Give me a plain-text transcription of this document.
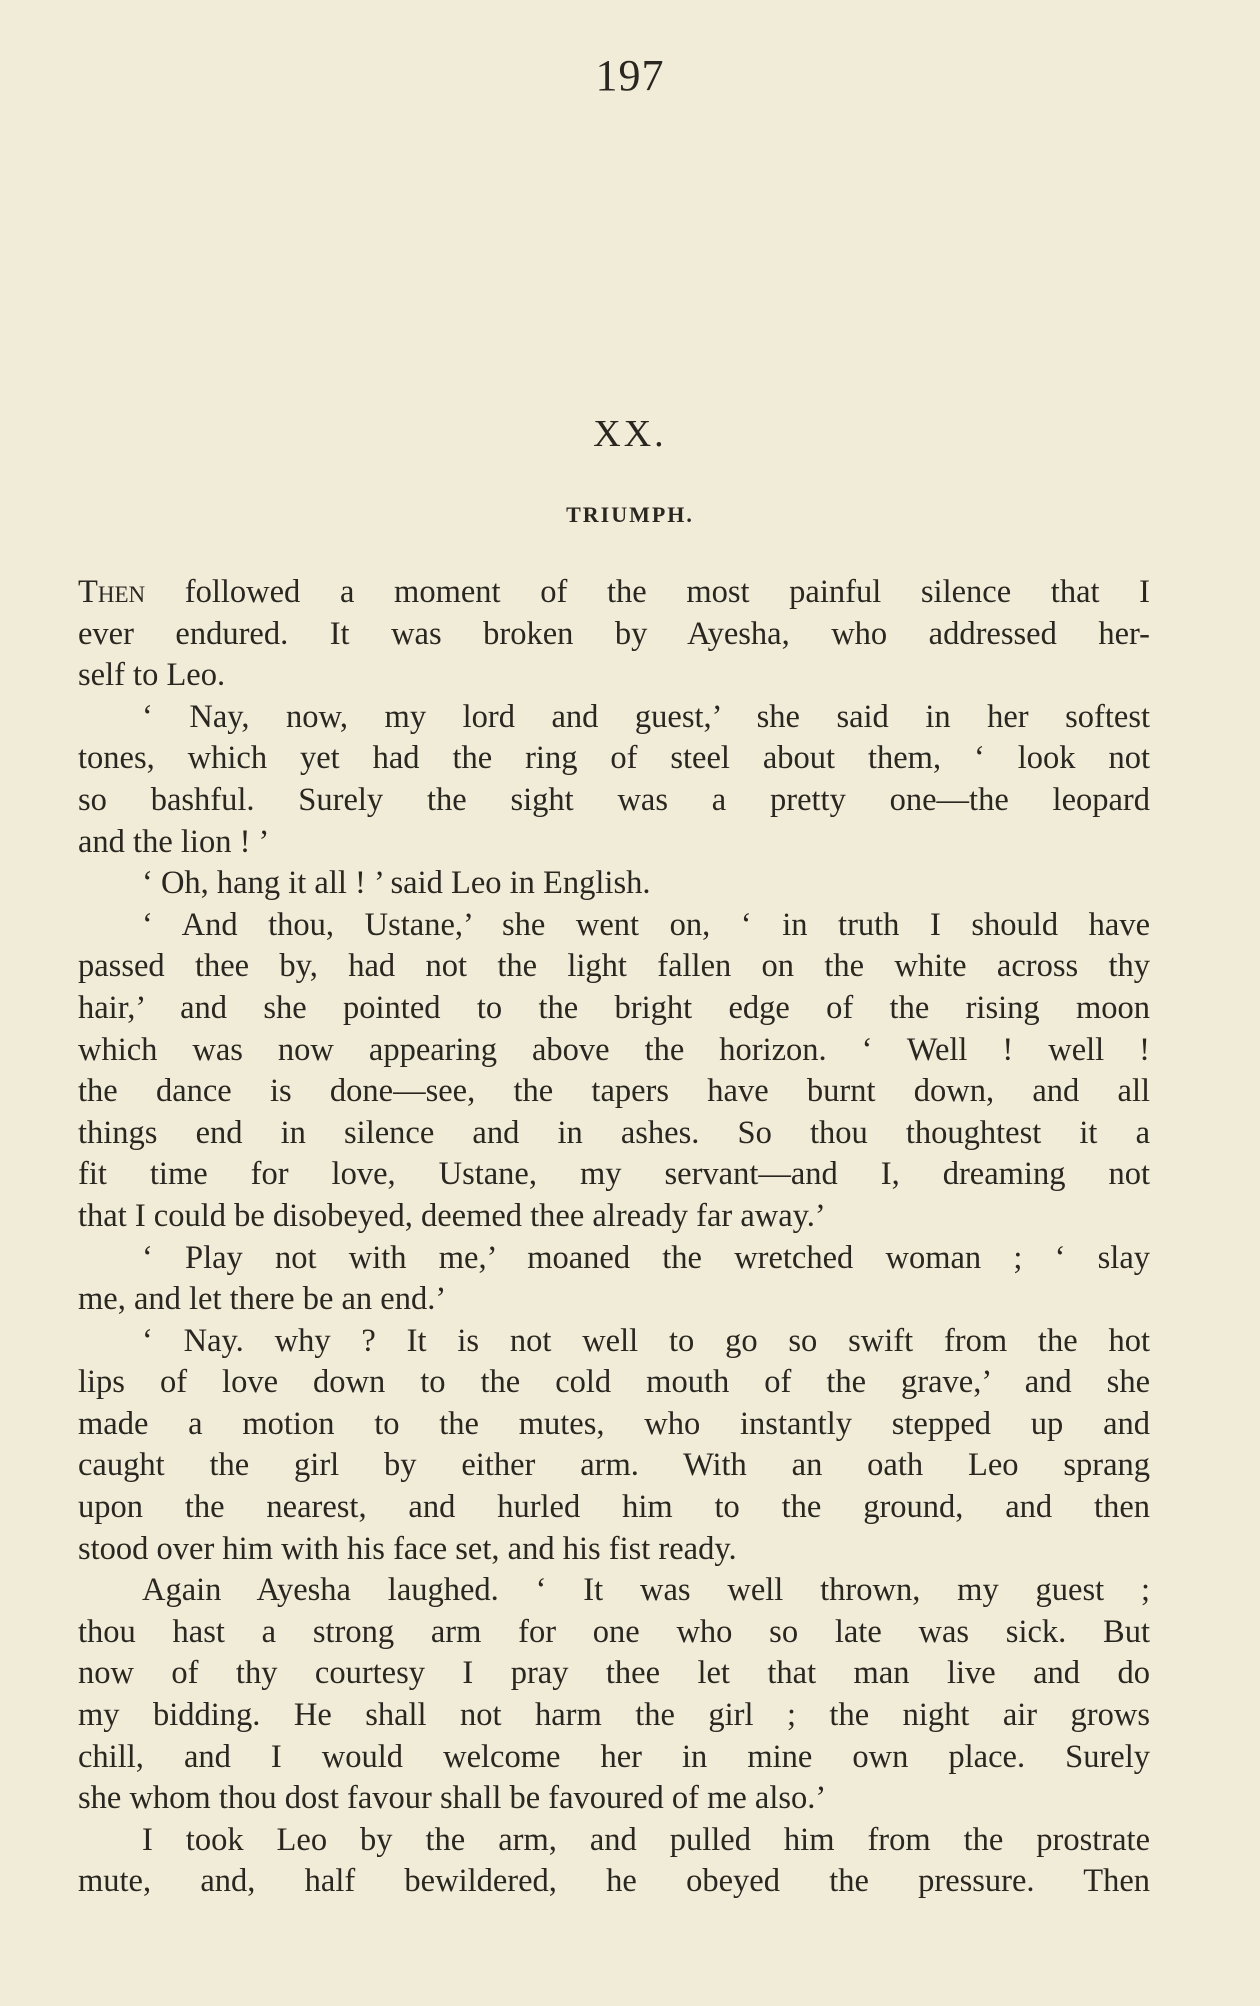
197
XX.
TRIUMPH.
Then followed a moment of the most painful silence that I
ever endured. It was broken by Ayesha, who addressed her-
self to Leo.
‘ Nay, now, my lord and guest,’ she said in her softest
tones, which yet had the ring of steel about them, ‘ look not
so bashful. Surely the sight was a pretty one—the leopard
and the lion ! ’
‘ Oh, hang it all ! ’ said Leo in English.
‘ And thou, Ustane,’ she went on, ‘ in truth I should have
passed thee by, had not the light fallen on the white across thy
hair,’ and she pointed to the bright edge of the rising moon
which was now appearing above the horizon. ‘ Well ! well !
the dance is done—see, the tapers have burnt down, and all
things end in silence and in ashes. So thou thoughtest it a
fit time for love, Ustane, my servant—and I, dreaming not
that I could be disobeyed, deemed thee already far away.’
‘ Play not with me,’ moaned the wretched woman ; ‘ slay
me, and let there be an end.’
‘ Nay. why ? It is not well to go so swift from the hot
lips of love down to the cold mouth of the grave,’ and she
made a motion to the mutes, who instantly stepped up and
caught the girl by either arm. With an oath Leo sprang
upon the nearest, and hurled him to the ground, and then
stood over him with his face set, and his fist ready.
Again Ayesha laughed. ‘ It was well thrown, my guest ;
thou hast a strong arm for one who so late was sick. But
now of thy courtesy I pray thee let that man live and do
my bidding. He shall not harm the girl ; the night air grows
chill, and I would welcome her in mine own place. Surely
she whom thou dost favour shall be favoured of me also.’
I took Leo by the arm, and pulled him from the prostrate
mute, and, half bewildered, he obeyed the pressure. Then
